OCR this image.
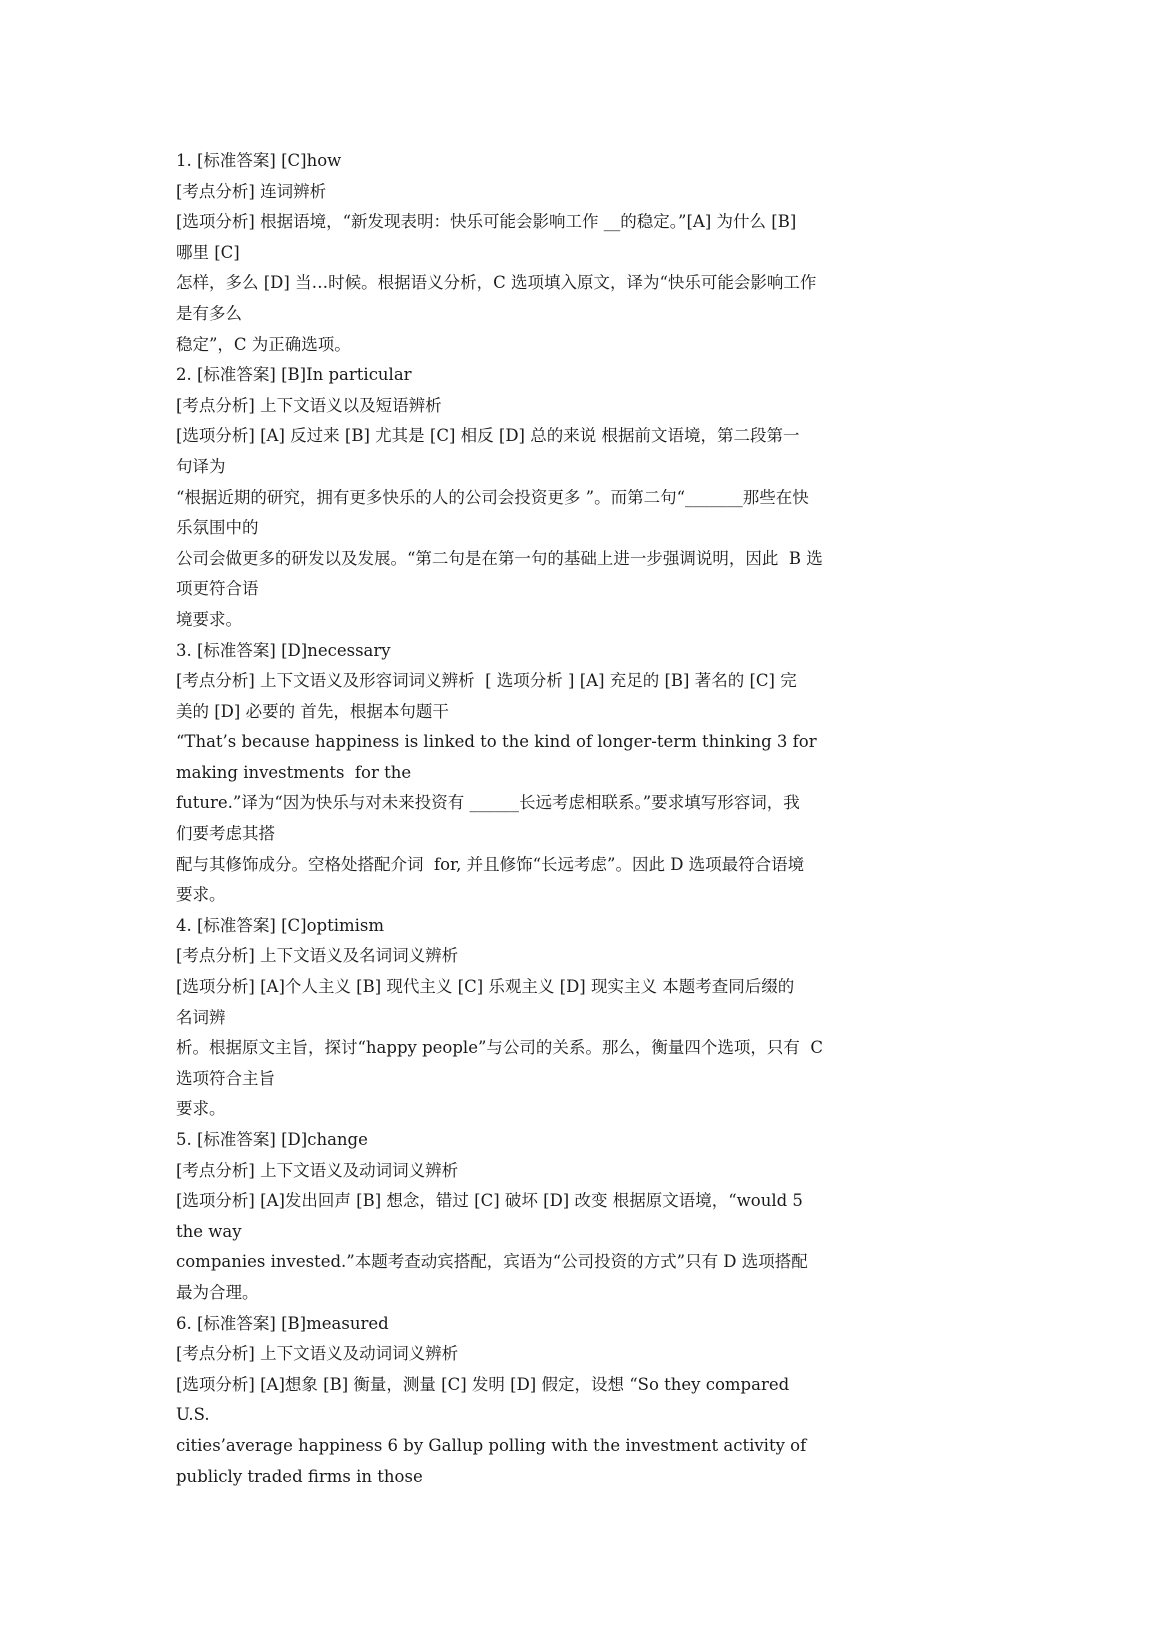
1. [标准答案] [C]how
[考点分析] 连词辨析
[选项分析] 根据语境，“新发现表明：快乐可能会影响工作 __的稳定。”[A] 为什么 [B]
哪里 [C]
怎样，多么 [D] 当…时候。根据语义分析，C 选项填入原文，译为“快乐可能会影响工作
是有多么
稳定”，C 为正确选项。
2. [标准答案] [B]In particular
[考点分析] 上下文语义以及短语辨析
[选项分析] [A] 反过来 [B] 尤其是 [C] 相反 [D] 总的来说 根据前文语境，第二段第一
句译为
“根据近期的研究，拥有更多快乐的人的公司会投资更多 ”。而第二句“_______那些在快
乐氛围中的
公司会做更多的研发以及发展。“第二句是在第一句的基础上进一步强调说明，因此  B 选
项更符合语
境要求。
3. [标准答案] [D]necessary
[考点分析] 上下文语义及形容词词义辨析  [ 选项分析 ] [A] 充足的 [B] 著名的 [C] 完
美的 [D] 必要的 首先，根据本句题干
“That’s because happiness is linked to the kind of longer-term thinking 3 for
making investments  for the
future.”译为“因为快乐与对未来投资有 ______长远考虑相联系。”要求填写形容词，我
们要考虑其搭
配与其修饰成分。空格处搭配介词  for, 并且修饰“长远考虑”。因此 D 选项最符合语境
要求。
4. [标准答案] [C]optimism
[考点分析] 上下文语义及名词词义辨析
[选项分析] [A]个人主义 [B] 现代主义 [C] 乐观主义 [D] 现实主义 本题考查同后缀的
名词辨
析。根据原文主旨，探讨“happy people”与公司的关系。那么，衡量四个选项，只有  C
选项符合主旨
要求。
5. [标准答案] [D]change
[考点分析] 上下文语义及动词词义辨析
[选项分析] [A]发出回声 [B] 想念，错过 [C] 破坏 [D] 改变 根据原文语境，“would 5
the way
companies invested.”本题考查动宾搭配，宾语为“公司投资的方式”只有 D 选项搭配
最为合理。
6. [标准答案] [B]measured
[考点分析] 上下文语义及动词词义辨析
[选项分析] [A]想象 [B] 衡量，测量 [C] 发明 [D] 假定，设想 “So they compared
U.S.
cities’average happiness 6 by Gallup polling with the investment activity of
publicly traded firms in those
